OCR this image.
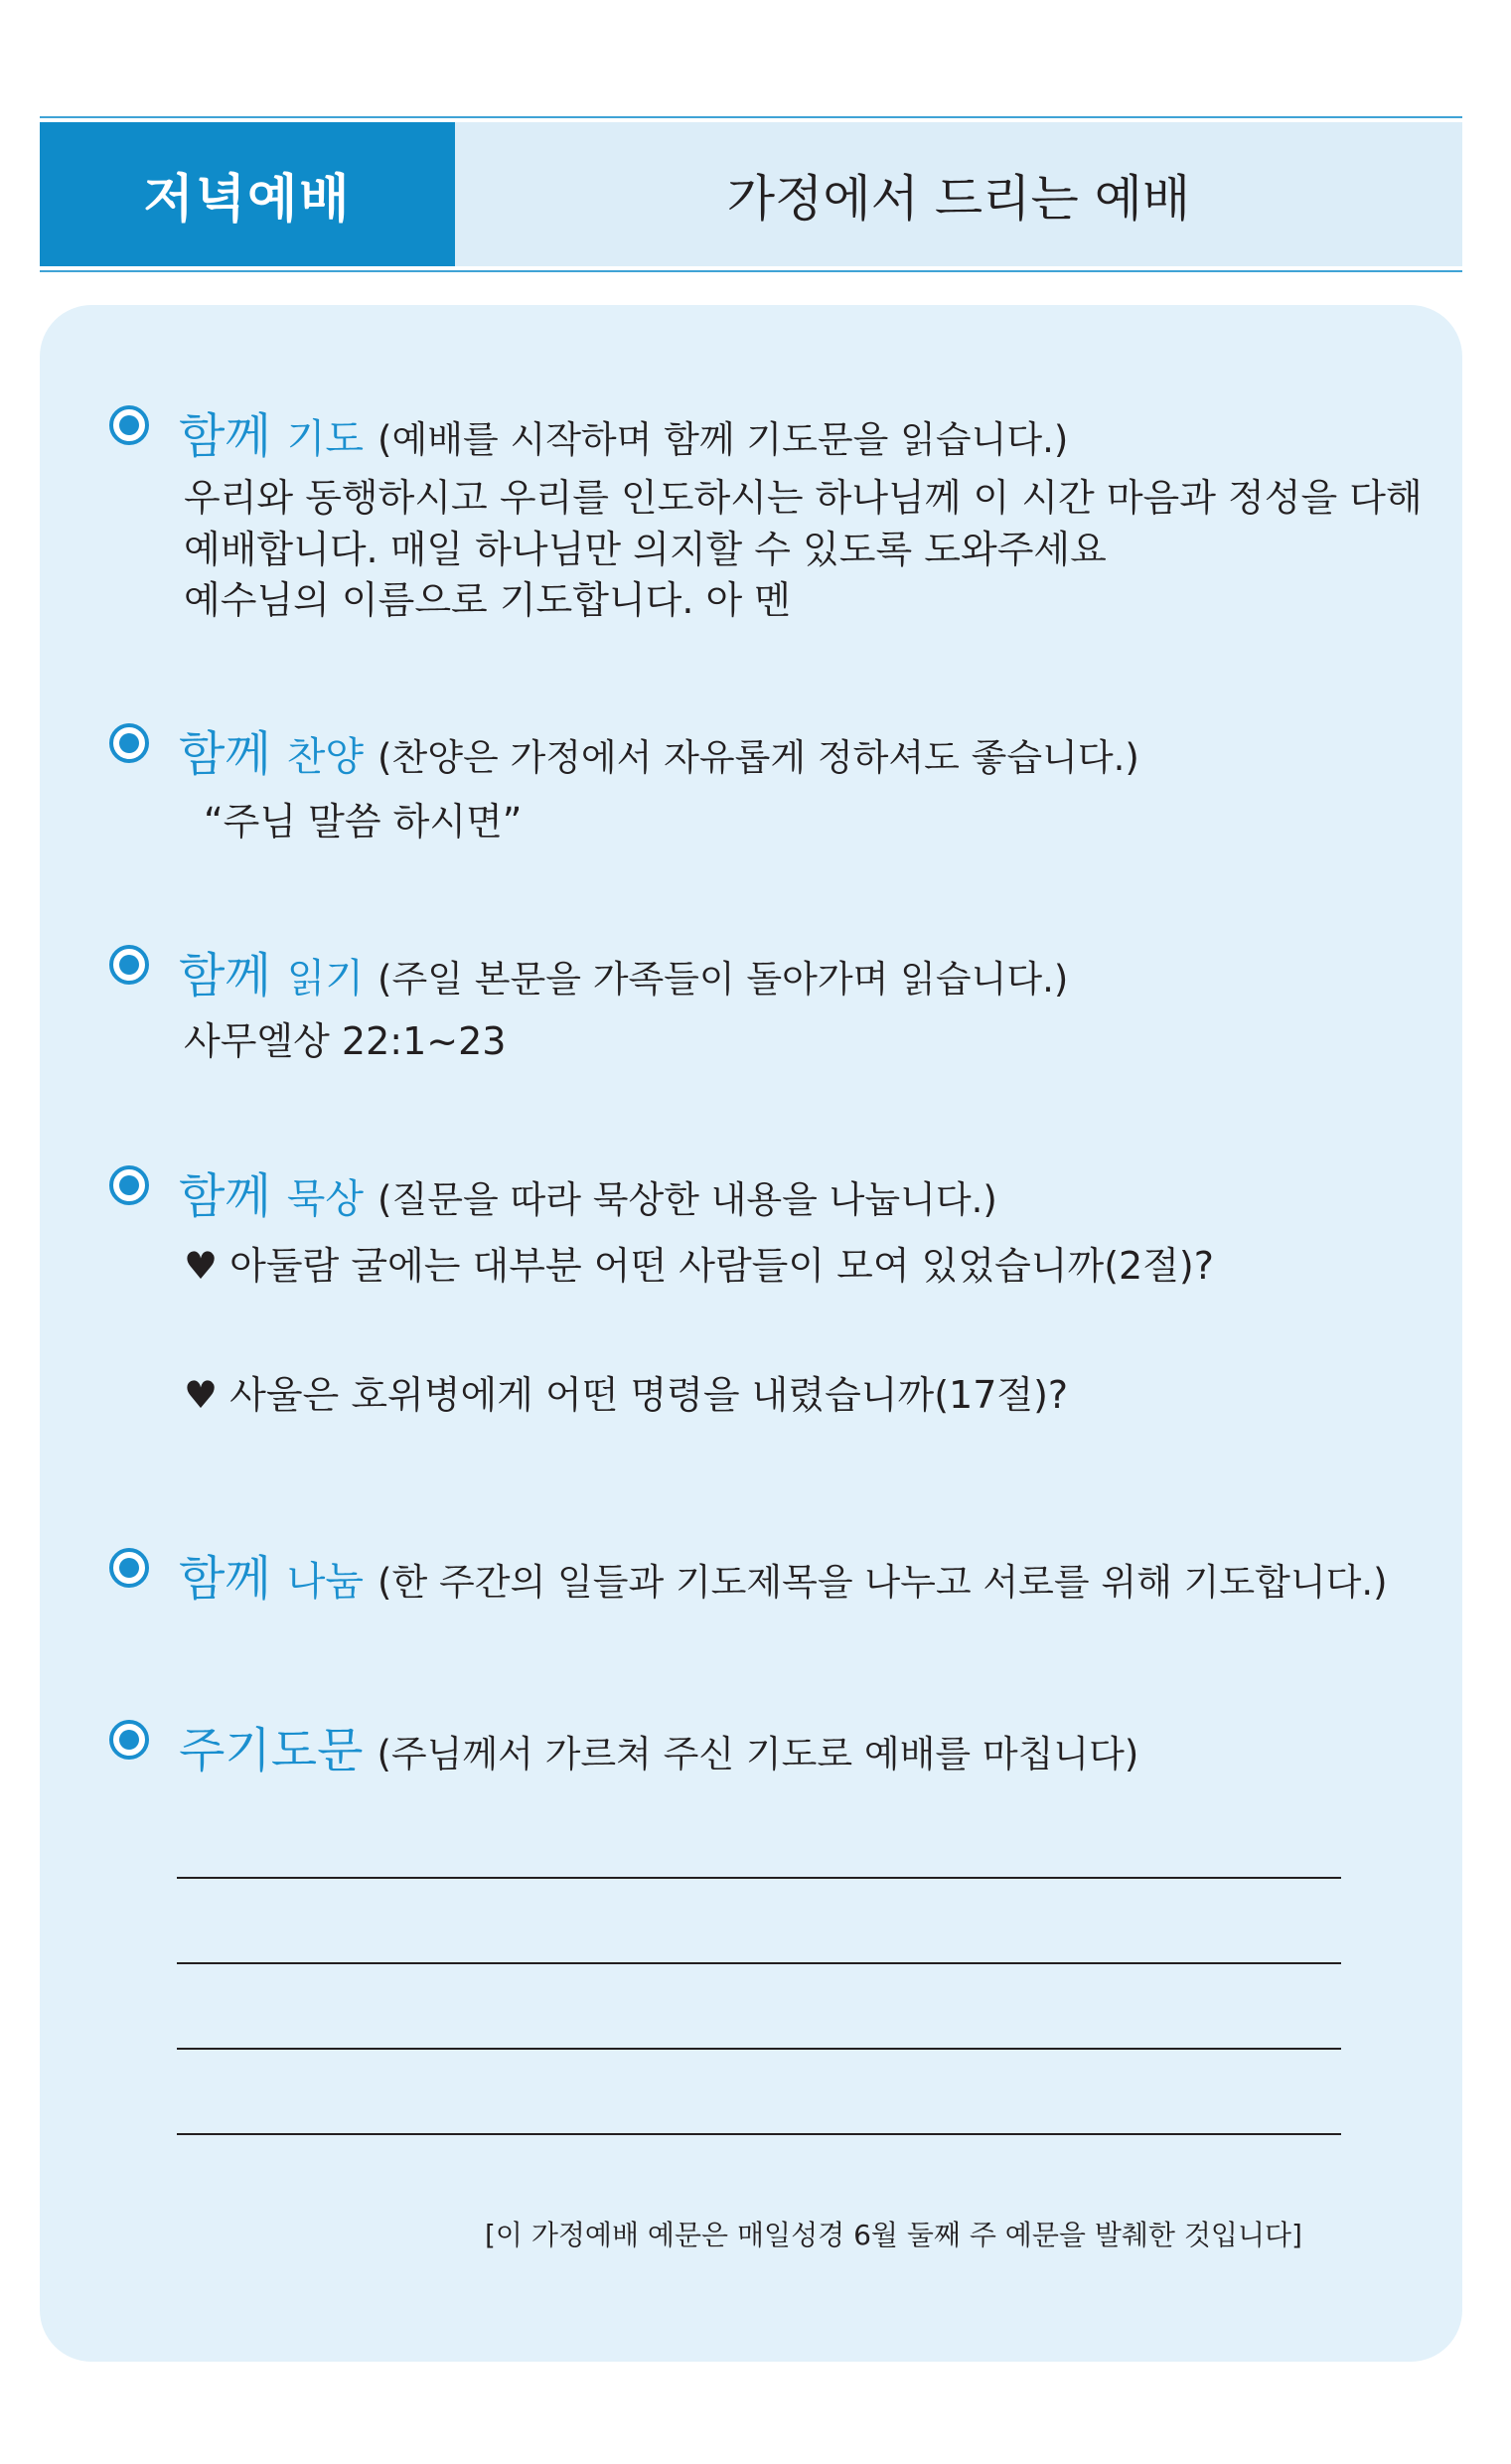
저녁예배	가정에서 드리는 예배
함께 기도 (예배를 시작하며 함께 기도문을 읽습니다.)
우리와 동행하시고 우리를 인도하시는 하나님께 이 시간 마음과 정성을 다해
예배합니다. 매일 하나님만 의지할 수 있도록 도와주세요
예수님의 이름으로 기도합니다. 아 멘
함께 찬양 (찬양은 가정에서 자유롭게 정하셔도 좋습니다.)
“주님 말씀 하시면”
함께 읽기 (주일 본문을 가족들이 돌아가며 읽습니다.)
사무엘상 22:1~23
함께 묵상 (질문을 따라 묵상한 내용을 나눕니다.)
♥ 아둘람 굴에는 대부분 어떤 사람들이 모여 있었습니까(2절)?
♥ 사울은 호위병에게 어떤 명령을 내렸습니까(17절)?
함께 나눔 (한 주간의 일들과 기도제목을 나누고 서로를 위해 기도합니다.)
주기도문 (주님께서 가르쳐 주신 기도로 예배를 마칩니다)
[이 가정예배 예문은 매일성경 6월 둘째 주 예문을 발췌한 것입니다]
